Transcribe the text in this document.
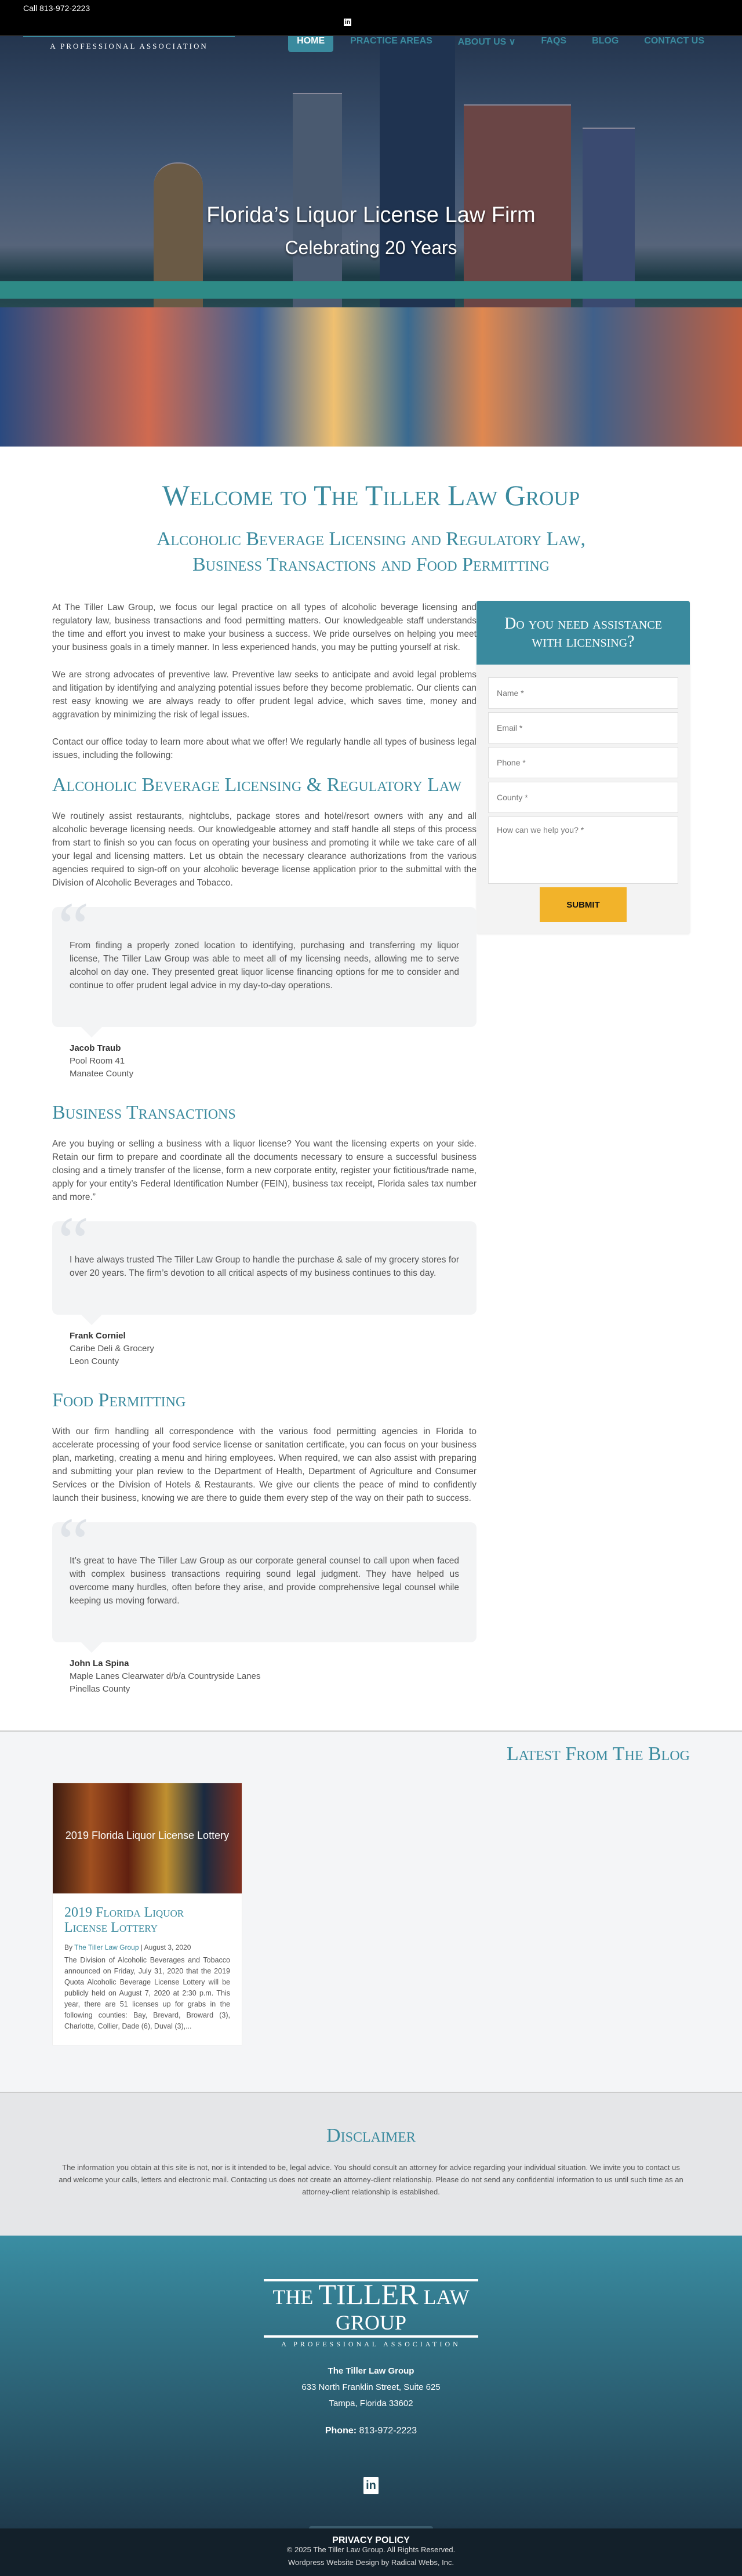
Call 813-972-2223
in
A PROFESSIONAL ASSOCIATION
HOME	PRACTICE AREAS	ABOUT US ∨	FAQS	BLOG	CONTACT US
Florida’s Liquor License Law Firm
Celebrating 20 Years
Welcome to The Tiller Law Group
Alcoholic Beverage Licensing and Regulatory Law, Business Transactions and Food Permitting

At The Tiller Law Group, we focus our legal practice on all types of alcoholic beverage licensing and regulatory law, business transactions and food permitting matters. Our knowledgeable staff understands the time and effort you invest to make your business a success. We pride ourselves on helping you meet your business goals in a timely manner. In less experienced hands, you may be putting yourself at risk.

We are strong advocates of preventive law. Preventive law seeks to anticipate and avoid legal problems and litigation by identifying and analyzing potential issues before they become problematic. Our clients can rest easy knowing we are always ready to offer prudent legal advice, which saves time, money and aggravation by minimizing the risk of legal issues.

Contact our office today to learn more about what we offer! We regularly handle all types of business legal issues, including the following:

Alcoholic Beverage Licensing & Regulatory Law

We routinely assist restaurants, nightclubs, package stores and hotel/resort owners with any and all alcoholic beverage licensing needs. Our knowledgeable attorney and staff handle all steps of this process from start to finish so you can focus on operating your business and promoting it while we take care of all your legal and licensing matters. Let us obtain the necessary clearance authorizations from the various agencies required to sign-off on your alcoholic beverage license application prior to the submittal with the Division of Alcoholic Beverages and Tobacco.

“

From finding a properly zoned location to identifying, purchasing and transferring my liquor license, The Tiller Law Group was able to meet all of my licensing needs, allowing me to serve alcohol on day one. They presented great liquor license financing options for me to consider and continue to offer prudent legal advice in my day-to-day operations.

Jacob Traub
Pool Room 41
Manatee County
Business Transactions

Are you buying or selling a business with a liquor license? You want the licensing experts on your side. Retain our firm to prepare and coordinate all the documents necessary to ensure a successful business closing and a timely transfer of the license, form a new corporate entity, register your fictitious/trade name, apply for your entity’s Federal Identification Number (FEIN), business tax receipt, Florida sales tax number and more.”

“

I have always trusted The Tiller Law Group to handle the purchase & sale of my grocery stores for over 20 years. The firm’s devotion to all critical aspects of my business continues to this day.

Frank Corniel
Caribe Deli & Grocery
Leon County
Food Permitting

With our firm handling all correspondence with the various food permitting agencies in Florida to accelerate processing of your food service license or sanitation certificate, you can focus on your business plan, marketing, creating a menu and hiring employees. When required, we can also assist with preparing and submitting your plan review to the Department of Health, Department of Agriculture and Consumer Services or the Division of Hotels & Restaurants. We give our clients the peace of mind to confidently launch their business, knowing we are there to guide them every step of the way on their path to success.

“

It’s great to have The Tiller Law Group as our corporate general counsel to call upon when faced with complex business transactions requiring sound legal judgment. They have helped us overcome many hurdles, often before they arise, and provide comprehensive legal counsel while keeping us moving forward.

John La Spina
Maple Lanes Clearwater d/b/a Countryside Lanes
Pinellas County
Do you need assistance with licensing?
Name *
Email *
Phone *
County *
How can we help you? *
SUBMIT
Latest From The Blog
2019 Florida Liquor License Lottery
2019 Florida Liquor License Lottery
By The Tiller Law Group | August 3, 2020

The Division of Alcoholic Beverages and Tobacco announced on Friday, July 31, 2020 that the 2019 Quota Alcoholic Beverage License Lottery will be publicly held on August 7, 2020 at 2:30 p.m. This year, there are 51 licenses up for grabs in the following counties: Bay, Brevard, Broward (3), Charlotte, Collier, Dade (6), Duval (3),...

Disclaimer

The information you obtain at this site is not, nor is it intended to be, legal advice. You should consult an attorney for advice regarding your individual situation. We invite you to contact us and welcome your calls, letters and electronic mail. Contacting us does not create an attorney-client relationship. Please do not send any confidential information to us until such time as an attorney-client relationship is established.

THE TILLER LAW GROUP
A PROFESSIONAL ASSOCIATION
The Tiller Law Group
633 North Franklin Street, Suite 625
Tampa, Florida 33602
Phone: 813-972-2223
in
PRIVACY POLICY
© 2025 The Tiller Law Group. All Rights Reserved.
Wordpress Website Design by Radical Webs, Inc.
